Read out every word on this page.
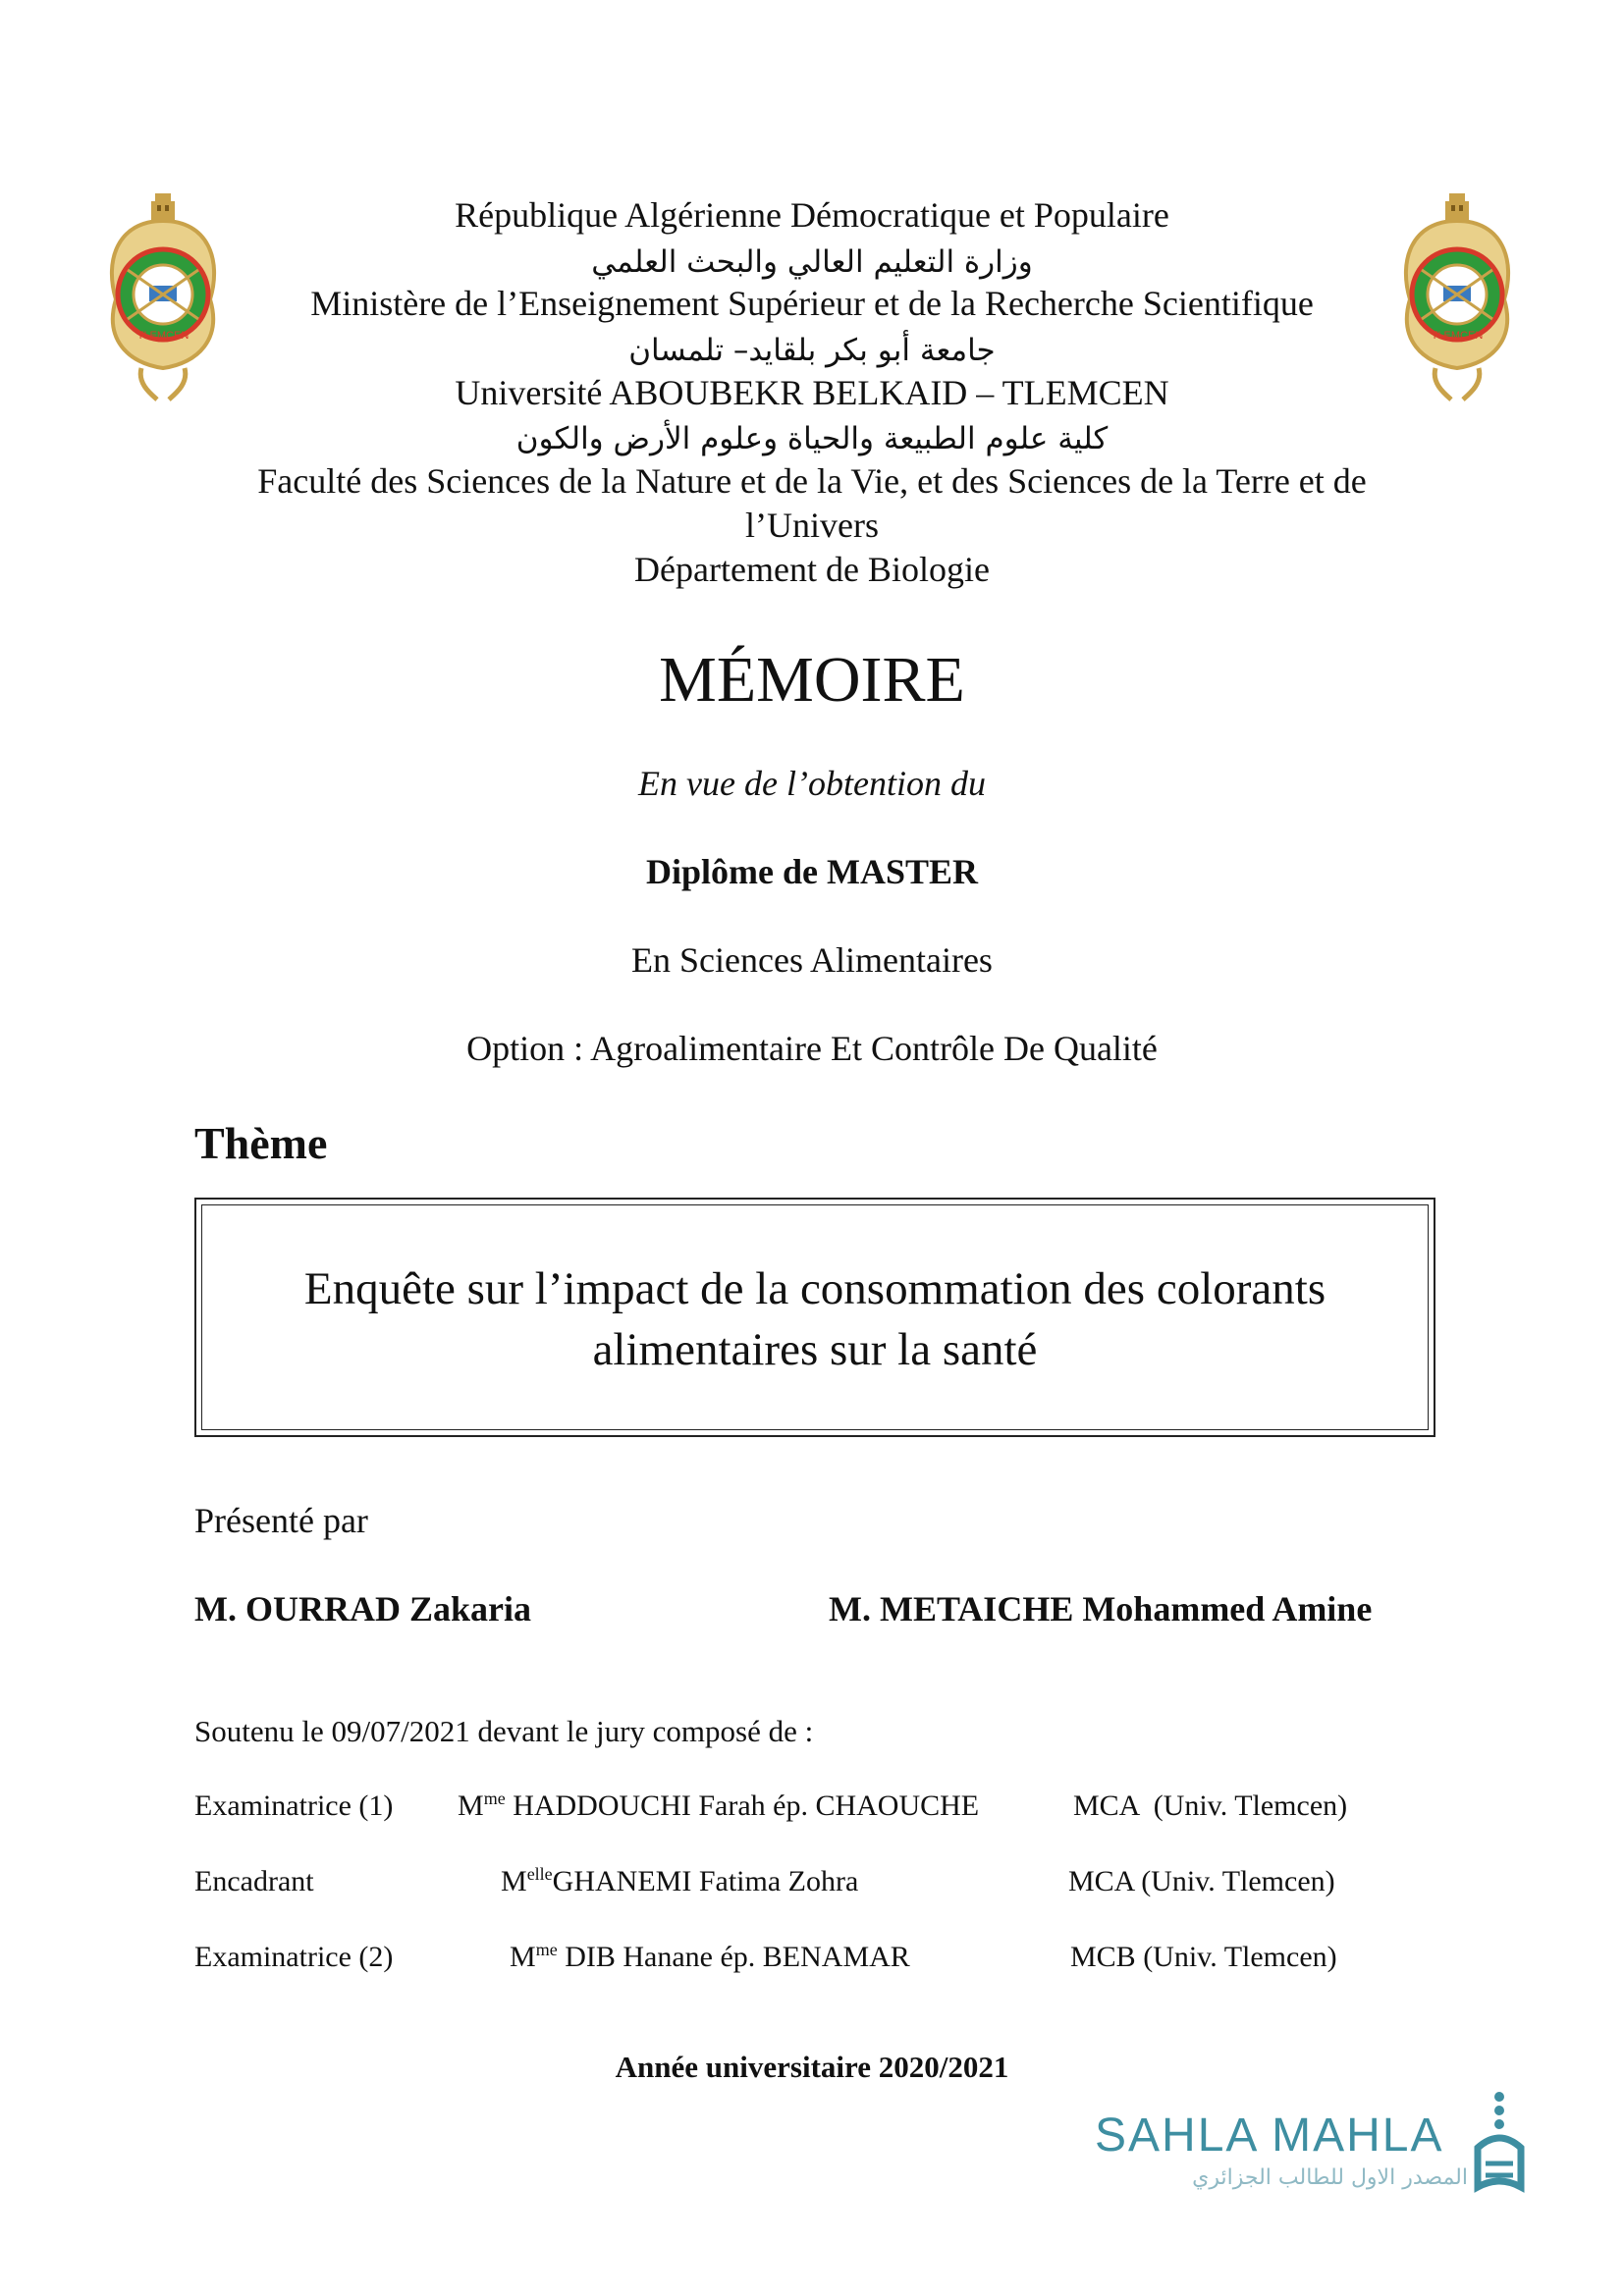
TLEMCEN	TLEMCEN
République Algérienne Démocratique et Populaire
وزارة التعليم العالي والبحث العلمي
Ministère de l’Enseignement Supérieur et de la Recherche Scientifique
جامعة أبو بكر بلقايد– تلمسان
Université ABOUBEKR BELKAID – TLEMCEN
كلية علوم الطبيعة والحياة وعلوم الأرض والكون
Faculté des Sciences de la Nature et de la Vie, et des Sciences de la Terre et de
l’Univers
Département de Biologie
MÉMOIRE
En vue de l’obtention du
Diplôme de MASTER
En Sciences Alimentaires
Option : Agroalimentaire Et Contrôle De Qualité
Thème
Enquête sur l’impact de la consommation des colorants
alimentaires sur la santé
Présenté par
M. OURRAD Zakaria	M. METAICHE Mohammed Amine
Soutenu le 09/07/2021 devant le jury composé de :
Examinatrice (1) $M^{me}$ HADDOUCHI Farah ép. CHAOUCHE	MCA  (Univ. Tlemcen)
Encadrant	$M^{elle}GHANEMI$ Fatima Zohra	MCA (Univ. Tlemcen)
Examinatrice (2)	$M^{me}$ DIB Hanane ép. BENAMAR	MCB (Univ. Tlemcen)
Année universitaire 2020/2021
SAHLA MAHLA
المصدر الاول للطالب الجزائري
